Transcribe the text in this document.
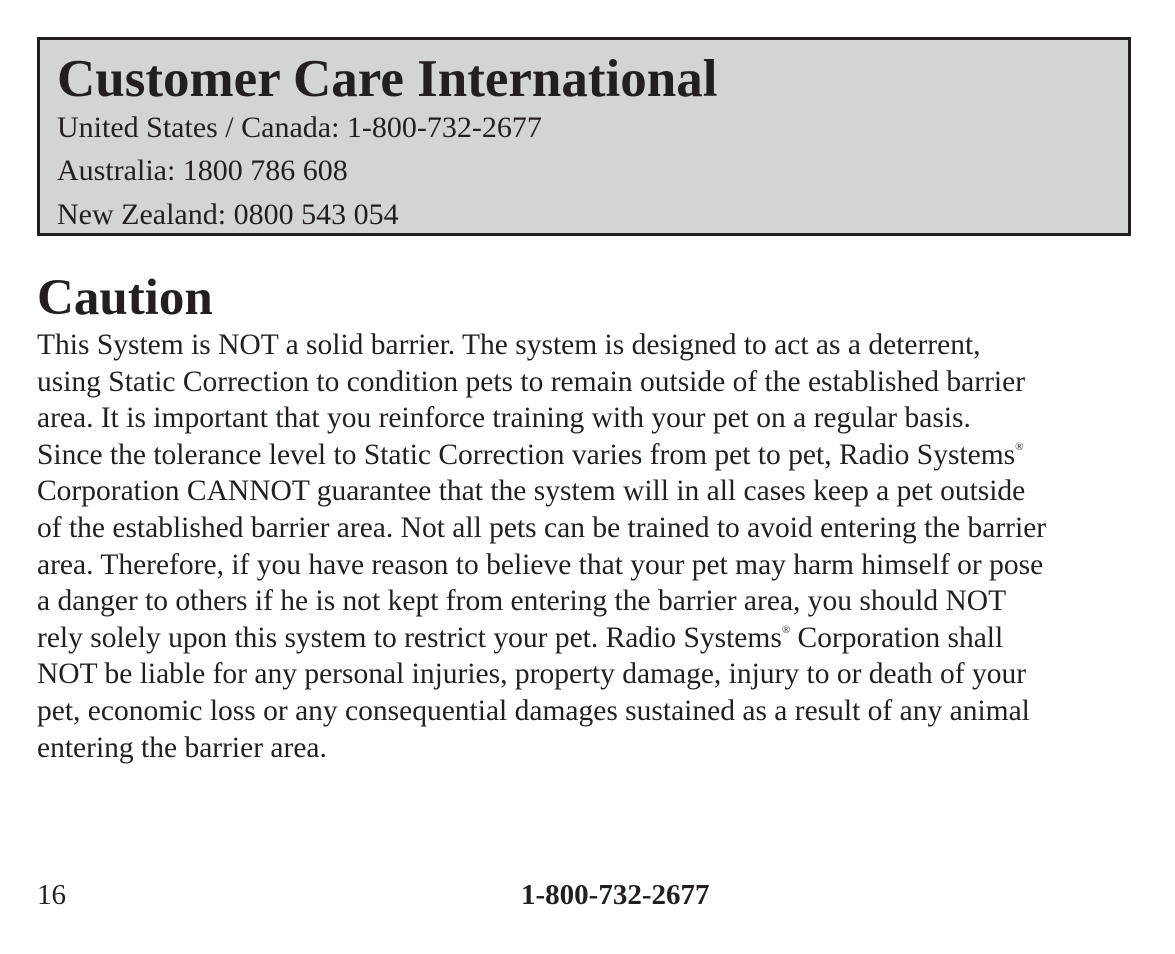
Customer Care International

United States / Canada: 1-800-732-2677

Australia: 1800 786 608

New Zealand: 0800 543 054

Caution
This System is NOT a solid barrier. The system is designed to act as a deterrent,
using Static Correction to condition pets to remain outside of the established barrier
area. It is important that you reinforce training with your pet on a regular basis.
Since the tolerance level to Static Correction varies from pet to pet, Radio Systems®
Corporation CANNOT guarantee that the system will in all cases keep a pet outside
of the established barrier area. Not all pets can be trained to avoid entering the barrier
area. Therefore, if you have reason to believe that your pet may harm himself or pose
a danger to others if he is not kept from entering the barrier area, you should NOT
rely solely upon this system to restrict your pet. Radio Systems® Corporation shall
NOT be liable for any personal injuries, property damage, injury to or death of your
pet, economic loss or any consequential damages sustained as a result of any animal
entering the barrier area.

16	1-800-732-2677
